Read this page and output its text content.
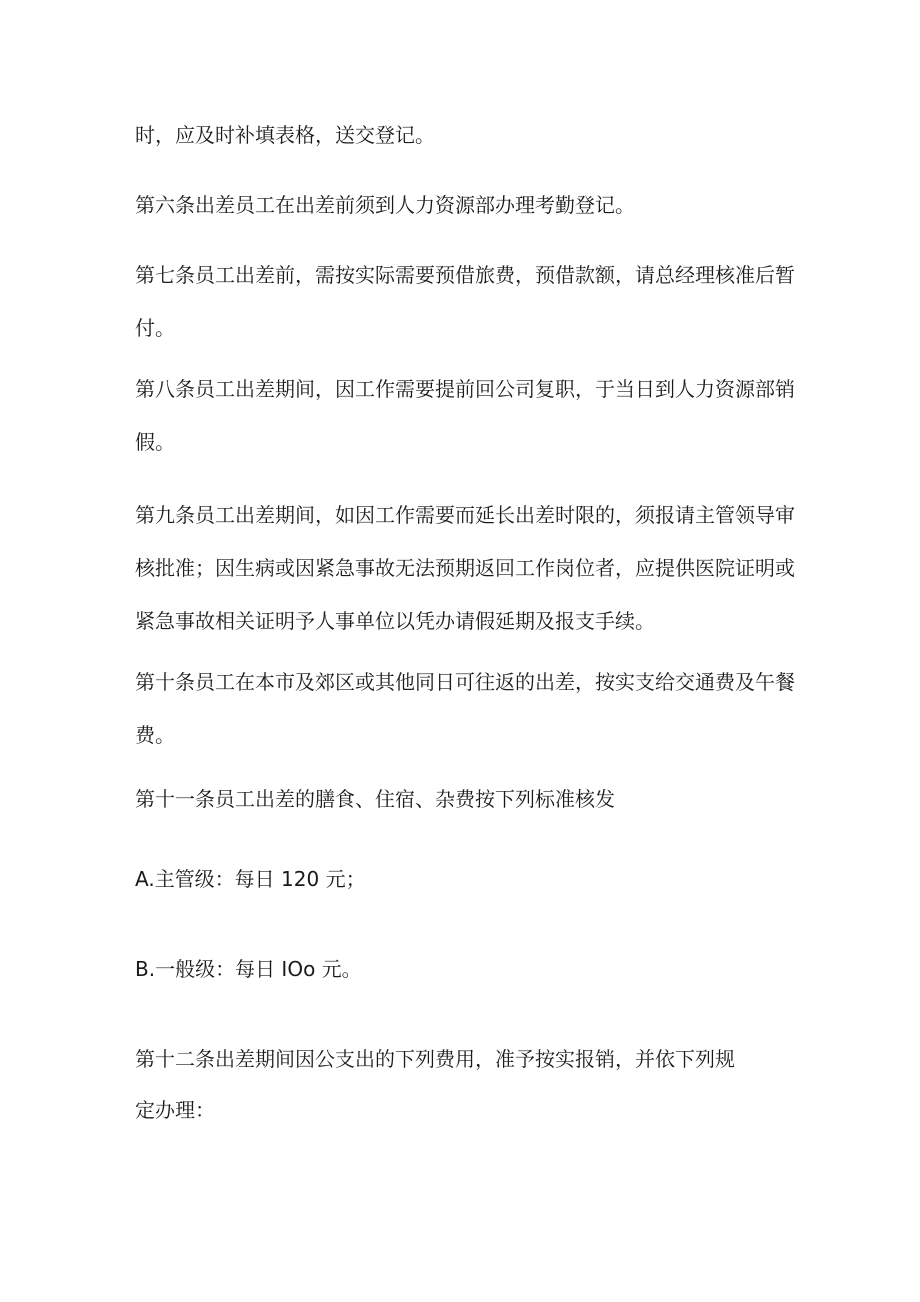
时，应及时补填表格，送交登记。

第六条出差员工在出差前须到人力资源部办理考勤登记。

第七条员工出差前，需按实际需要预借旅费，预借款额，请总经理核准后暂付。

第八条员工出差期间，因工作需要提前回公司复职，于当日到人力资源部销假。

第九条员工出差期间，如因工作需要而延长出差时限的，须报请主管领导审核批准；因生病或因紧急事故无法预期返回工作岗位者，应提供医院证明或紧急事故相关证明予人事单位以凭办请假延期及报支手续。

第十条员工在本市及郊区或其他同日可往返的出差，按实支给交通费及午餐费。

第十一条员工出差的膳食、住宿、杂费按下列标准核发

A.主管级：每日 120 元；

B.一般级：每日 IOo 元。

第十二条出差期间因公支出的下列费用，准予按实报销，并依下列规

定办理：
